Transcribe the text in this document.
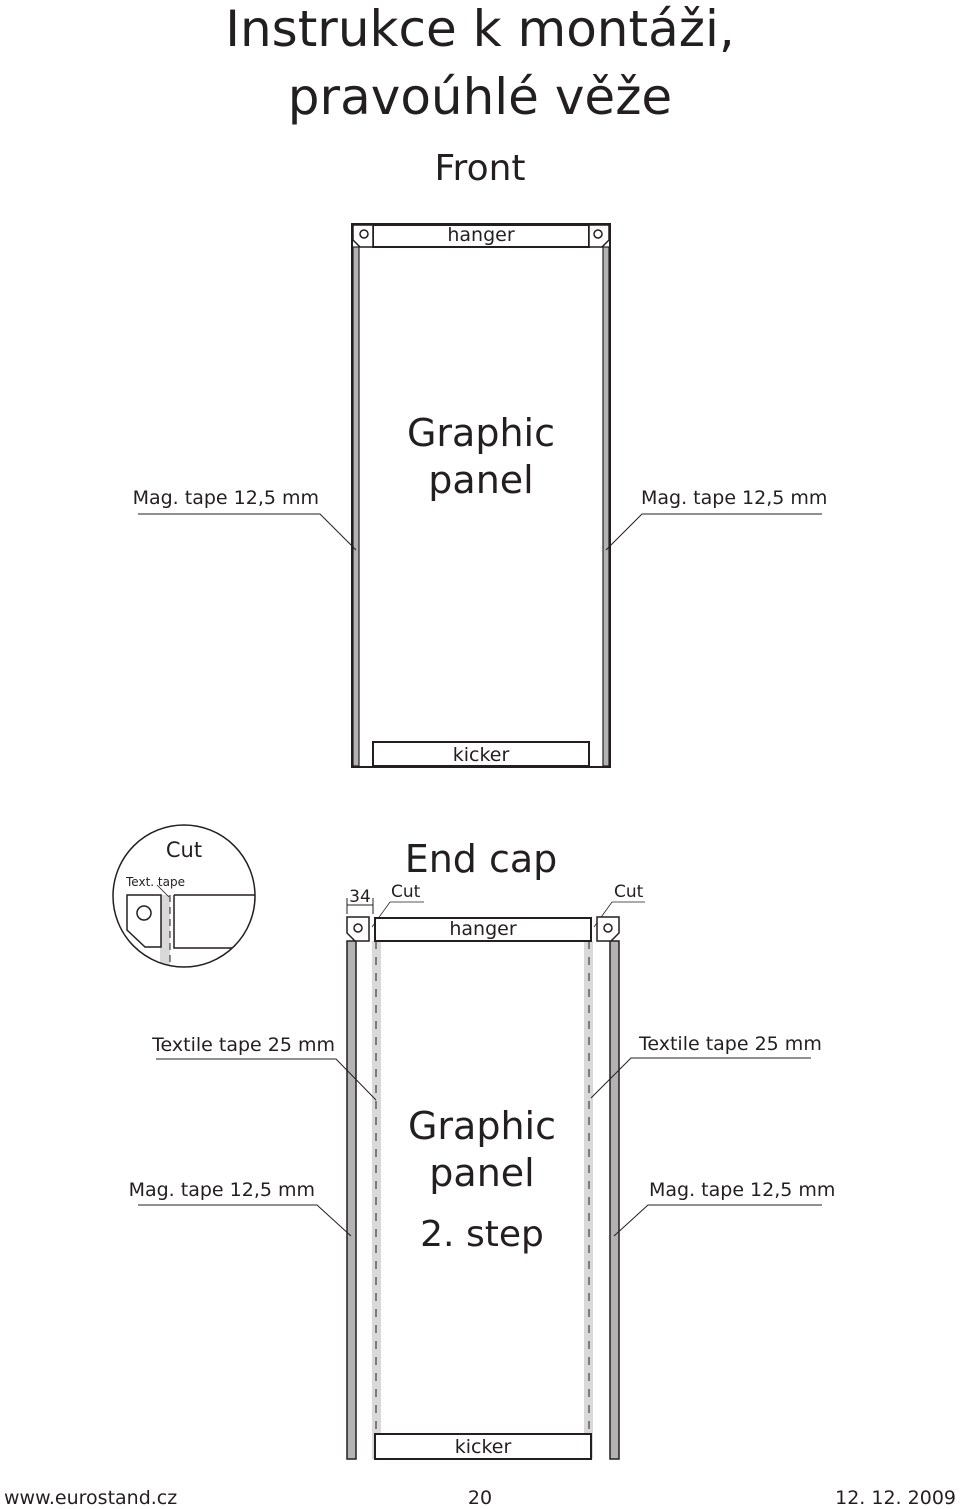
Instrukce k montáži,
pravoúhlé věže
Front
hanger
kicker
Graphic
panel
Mag. tape 12,5 mm	Mag. tape 12,5 mm
Cut
Text. tape
End cap
34 Cut	Cut
hanger
kicker
Graphic
panel
2. step
Textile tape 25 mm	Textile tape 25 mm
Mag. tape 12,5 mm	Mag. tape 12,5 mm
www.eurostand.cz	20	12. 12. 2009
